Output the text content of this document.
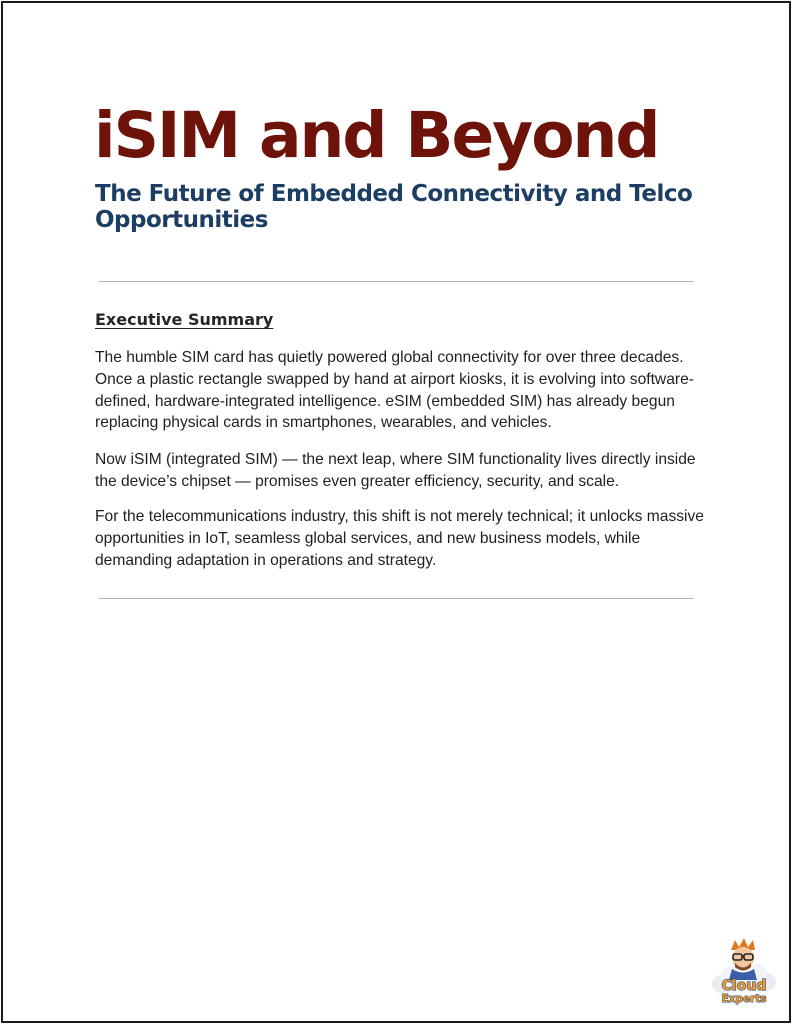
iSIM and Beyond
The Future of Embedded Connectivity and Telco Opportunities
Executive Summary

The humble SIM card has quietly powered global connectivity for over three decades. Once a plastic rectangle swapped by hand at airport kiosks, it is evolving into software-defined, hardware-integrated intelligence. eSIM (embedded SIM) has already begun replacing physical cards in smartphones, wearables, and vehicles.

Now iSIM (integrated SIM) — the next leap, where SIM functionality lives directly inside the device’s chipset — promises even greater efficiency, security, and scale.

For the telecommunications industry, this shift is not merely technical; it unlocks massive opportunities in IoT, seamless global services, and new business models, while demanding adaptation in operations and strategy.

Cloud
Experts
